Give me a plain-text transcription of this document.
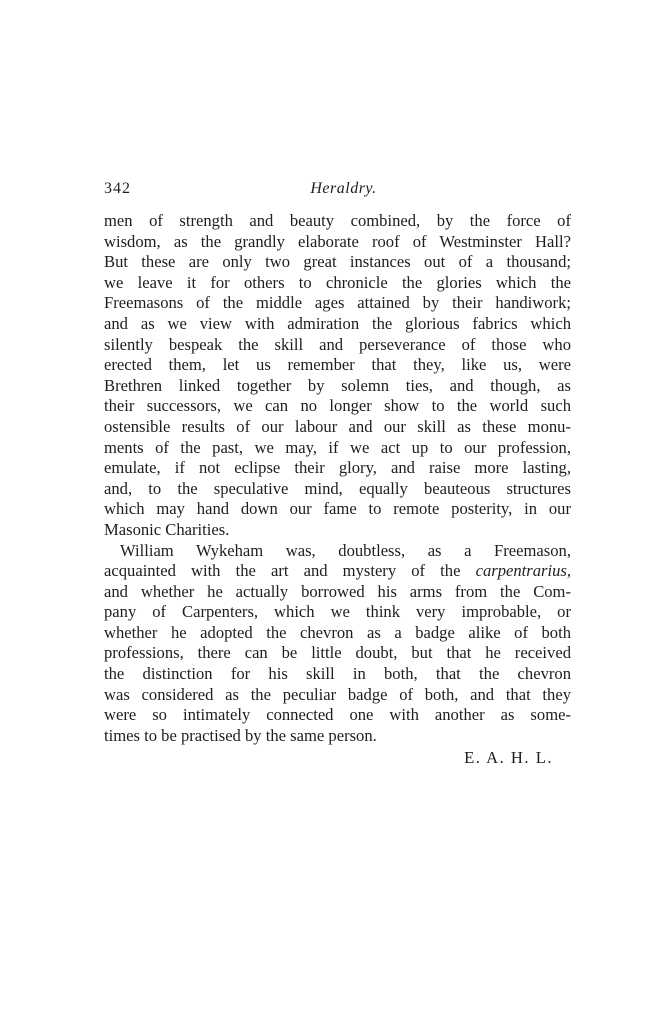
342	Heraldry.
men of strength and beauty combined, by the force of
wisdom, as the grandly elaborate roof of Westminster Hall?
But these are only two great instances out of a thousand;
we leave it for others to chronicle the glories which the
Freemasons of the middle ages attained by their handiwork;
and as we view with admiration the glorious fabrics which
silently bespeak the skill and perseverance of those who
erected them, let us remember that they, like us, were
Brethren linked together by solemn ties, and though, as
their successors, we can no longer show to the world such
ostensible results of our labour and our skill as these monu-
ments of the past, we may, if we act up to our profession,
emulate, if not eclipse their glory, and raise more lasting,
and, to the speculative mind, equally beauteous structures
which may hand down our fame to remote posterity, in our
Masonic Charities.
William Wykeham was, doubtless, as a Freemason,
acquainted with the art and mystery of the carpentrarius,
and whether he actually borrowed his arms from the Com-
pany of Carpenters, which we think very improbable, or
whether he adopted the chevron as a badge alike of both
professions, there can be little doubt, but that he received
the distinction for his skill in both, that the chevron
was considered as the peculiar badge of both, and that they
were so intimately connected one with another as some-
times to be practised by the same person.
E. A. H. L.
